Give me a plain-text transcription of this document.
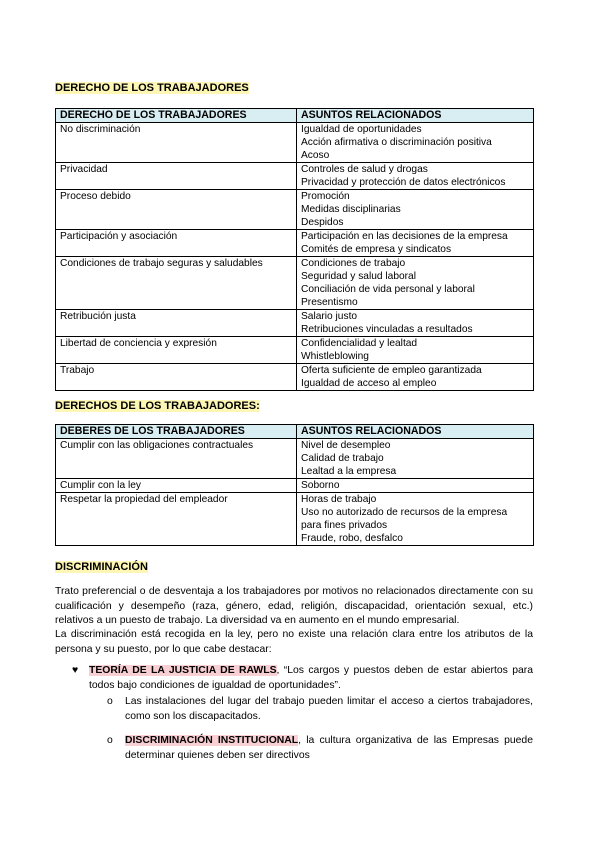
DERECHO DE LOS TRABAJADORES
DERECHO DE LOS TRABAJADORES	ASUNTOS RELACIONADOS
No discriminación	Igualdad de oportunidades
Acción afirmativa o discriminación positiva
Acoso

Privacidad	Controles de salud y drogas
Privacidad y protección de datos electrónicos

Proceso debido	Promoción
Medidas disciplinarias
Despidos

Participación y asociación	Participación en las decisiones de la empresa
Comités de empresa y sindicatos

Condiciones de trabajo seguras y saludables	Condiciones de trabajo
Seguridad y salud laboral
Conciliación de vida personal y laboral
Presentismo

Retribución justa	Salario justo
Retribuciones vinculadas a resultados

Libertad de conciencia y expresión	Confidencialidad y lealtad
Whistleblowing

Trabajo	Oferta suficiente de empleo garantizada
Igualdad de acceso al empleo
DERECHOS DE LOS TRABAJADORES:
DEBERES DE LOS TRABAJADORES	ASUNTOS RELACIONADOS
Cumplir con las obligaciones contractuales	Nivel de desempleo
Calidad de trabajo
Lealtad a la empresa

Cumplir con la ley	Soborno

Respetar la propiedad del empleador	Horas de trabajo
Uso no autorizado de recursos de la empresa
para fines privados
Fraude, robo, desfalco
DISCRIMINACIÓN
Trato preferencial o de desventaja a los trabajadores por motivos no relacionados directamente con su cualificación y desempeño (raza, género, edad, religión, discapacidad, orientación sexual, etc.) relativos a un puesto de trabajo. La diversidad va en aumento en el mundo empresarial.
La discriminación está recogida en la ley, pero no existe una relación clara entre los atributos de la persona y su puesto, por lo que cabe destacar:
♥ TEORÍA DE LA JUSTICIA DE RAWLS, “Los cargos y puestos deben de estar abiertos para todos bajo condiciones de igualdad de oportunidades”.
o Las instalaciones del lugar del trabajo pueden limitar el acceso a ciertos trabajadores, como son los discapacitados.
o DISCRIMINACIÓN INSTITUCIONAL, la cultura organizativa de las Empresas puede determinar quienes deben ser directivos
